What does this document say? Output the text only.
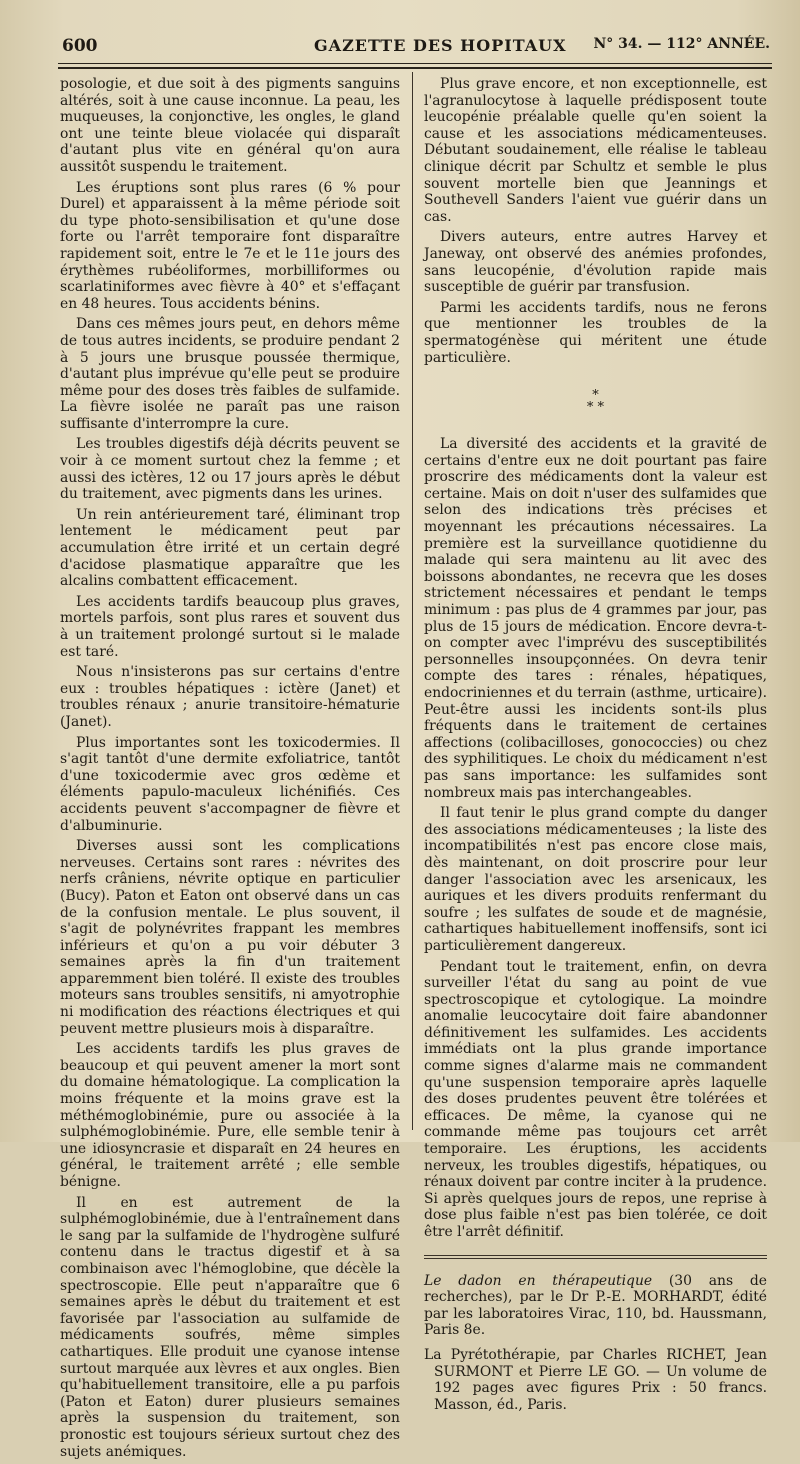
600	GAZETTE DES HOPITAUX N° 34. — 112° ANNÉE.

posologie, et due soit à des pigments sanguins altérés, soit à une cause inconnue. La peau, les muqueuses, la conjonctive, les ongles, le gland ont une teinte bleue violacée qui disparaît d'autant plus vite en général qu'on aura aussitôt suspendu le traitement.

Les éruptions sont plus rares (6 % pour Durel) et apparaissent à la même période soit du type photo-sensibilisation et qu'une dose forte ou l'arrêt temporaire font disparaître rapidement soit, entre le 7e et le 11e jours des érythèmes rubéoliformes, morbilliformes ou scarlatiniformes avec fièvre à 40° et s'effaçant en 48 heures. Tous accidents bénins.

Dans ces mêmes jours peut, en dehors même de tous autres incidents, se produire pendant 2 à 5 jours une brusque poussée thermique, d'autant plus imprévue qu'elle peut se produire même pour des doses très faibles de sulfamide. La fièvre isolée ne paraît pas une raison suffisante d'interrompre la cure.

Les troubles digestifs déjà décrits peuvent se voir à ce moment surtout chez la femme ; et aussi des ictères, 12 ou 17 jours après le début du traitement, avec pigments dans les urines.

Un rein antérieurement taré, éliminant trop lentement le médicament peut par accumulation être irrité et un certain degré d'acidose plasmatique apparaître que les alcalins combattent efficacement.

Les accidents tardifs beaucoup plus graves, mortels parfois, sont plus rares et souvent dus à un traitement prolongé surtout si le malade est taré.

Nous n'insisterons pas sur certains d'entre eux : troubles hépatiques : ictère (Janet) et troubles rénaux ; anurie transitoire-hématurie (Janet).

Plus importantes sont les toxicodermies. Il s'agit tantôt d'une dermite exfoliatrice, tantôt d'une toxicodermie avec gros œdème et éléments papulo-maculeux lichénifiés. Ces accidents peuvent s'accompagner de fièvre et d'albuminurie.

Diverses aussi sont les complications nerveuses. Certains sont rares : névrites des nerfs crâniens, névrite optique en particulier (Bucy). Paton et Eaton ont observé dans un cas de la confusion mentale. Le plus souvent, il s'agit de polynévrites frappant les membres inférieurs et qu'on a pu voir débuter 3 semaines après la fin d'un traitement apparemment bien toléré. Il existe des troubles moteurs sans troubles sensitifs, ni amyotrophie ni modification des réactions électriques et qui peuvent mettre plusieurs mois à disparaître.

Les accidents tardifs les plus graves de beaucoup et qui peuvent amener la mort sont du domaine hématologique. La complication la moins fréquente et la moins grave est la méthémoglobinémie, pure ou associée à la sulphémoglobinémie. Pure, elle semble tenir à une idiosyncrasie et disparaît en 24 heures en général, le traitement arrêté ; elle semble bénigne.

Il en est autrement de la sulphémoglobinémie, due à l'entraînement dans le sang par la sulfamide de l'hydrogène sulfuré contenu dans le tractus digestif et à sa combinaison avec l'hémoglobine, que décèle la spectroscopie. Elle peut n'apparaître que 6 semaines après le début du traitement et est favorisée par l'association au sulfamide de médicaments soufrés, même simples cathartiques. Elle produit une cyanose intense surtout marquée aux lèvres et aux ongles. Bien qu'habituellement transitoire, elle a pu parfois (Paton et Eaton) durer plusieurs semaines après la suspension du traitement, son pronostic est toujours sérieux surtout chez des sujets anémiques.

Plus grave encore, et non exceptionnelle, est l'agranulocytose à laquelle prédisposent toute leucopénie préalable quelle qu'en soient la cause et les associations médicamenteuses. Débutant soudainement, elle réalise le tableau clinique décrit par Schultz et semble le plus souvent mortelle bien que Jeannings et Southevell Sanders l'aient vue guérir dans un cas.

Divers auteurs, entre autres Harvey et Janeway, ont observé des anémies profondes, sans leucopénie, d'évolution rapide mais susceptible de guérir par transfusion.

Parmi les accidents tardifs, nous ne ferons que mentionner les troubles de la spermatogénèse qui méritent une étude particulière.

*
* *

La diversité des accidents et la gravité de certains d'entre eux ne doit pourtant pas faire proscrire des médicaments dont la valeur est certaine. Mais on doit n'user des sulfamides que selon des indications très précises et moyennant les précautions nécessaires. La première est la surveillance quotidienne du malade qui sera maintenu au lit avec des boissons abondantes, ne recevra que les doses strictement nécessaires et pendant le temps minimum : pas plus de 4 grammes par jour, pas plus de 15 jours de médication. Encore devra-t-on compter avec l'imprévu des susceptibilités personnelles insoupçonnées. On devra tenir compte des tares : rénales, hépatiques, endocriniennes et du terrain (asthme, urticaire). Peut-être aussi les incidents sont-ils plus fréquents dans le traitement de certaines affections (colibacilloses, gonococcies) ou chez des syphilitiques. Le choix du médicament n'est pas sans importance: les sulfamides sont nombreux mais pas interchangeables.

Il faut tenir le plus grand compte du danger des associations médicamenteuses ; la liste des incompatibilités n'est pas encore close mais, dès maintenant, on doit proscrire pour leur danger l'association avec les arsenicaux, les auriques et les divers produits renfermant du soufre ; les sulfates de soude et de magnésie, cathartiques habituellement inoffensifs, sont ici particulièrement dangereux.

Pendant tout le traitement, enfin, on devra surveiller l'état du sang au point de vue spectroscopique et cytologique. La moindre anomalie leucocytaire doit faire abandonner définitivement les sulfamides. Les accidents immédiats ont la plus grande importance comme signes d'alarme mais ne commandent qu'une suspension temporaire après laquelle des doses prudentes peuvent être tolérées et efficaces. De même, la cyanose qui ne commande même pas toujours cet arrêt temporaire. Les éruptions, les accidents nerveux, les troubles digestifs, hépatiques, ou rénaux doivent par contre inciter à la prudence. Si après quelques jours de repos, une reprise à dose plus faible n'est pas bien tolérée, ce doit être l'arrêt définitif.

Le dadon en thérapeutique (30 ans de recherches), par le Dr P.-E. MORHARDT, édité par les laboratoires Virac, 110, bd. Haussmann, Paris 8e.

La Pyrétothérapie, par Charles RICHET, Jean SURMONT et Pierre LE GO. — Un volume de 192 pages avec figures Prix : 50 francs. Masson, éd., Paris.
